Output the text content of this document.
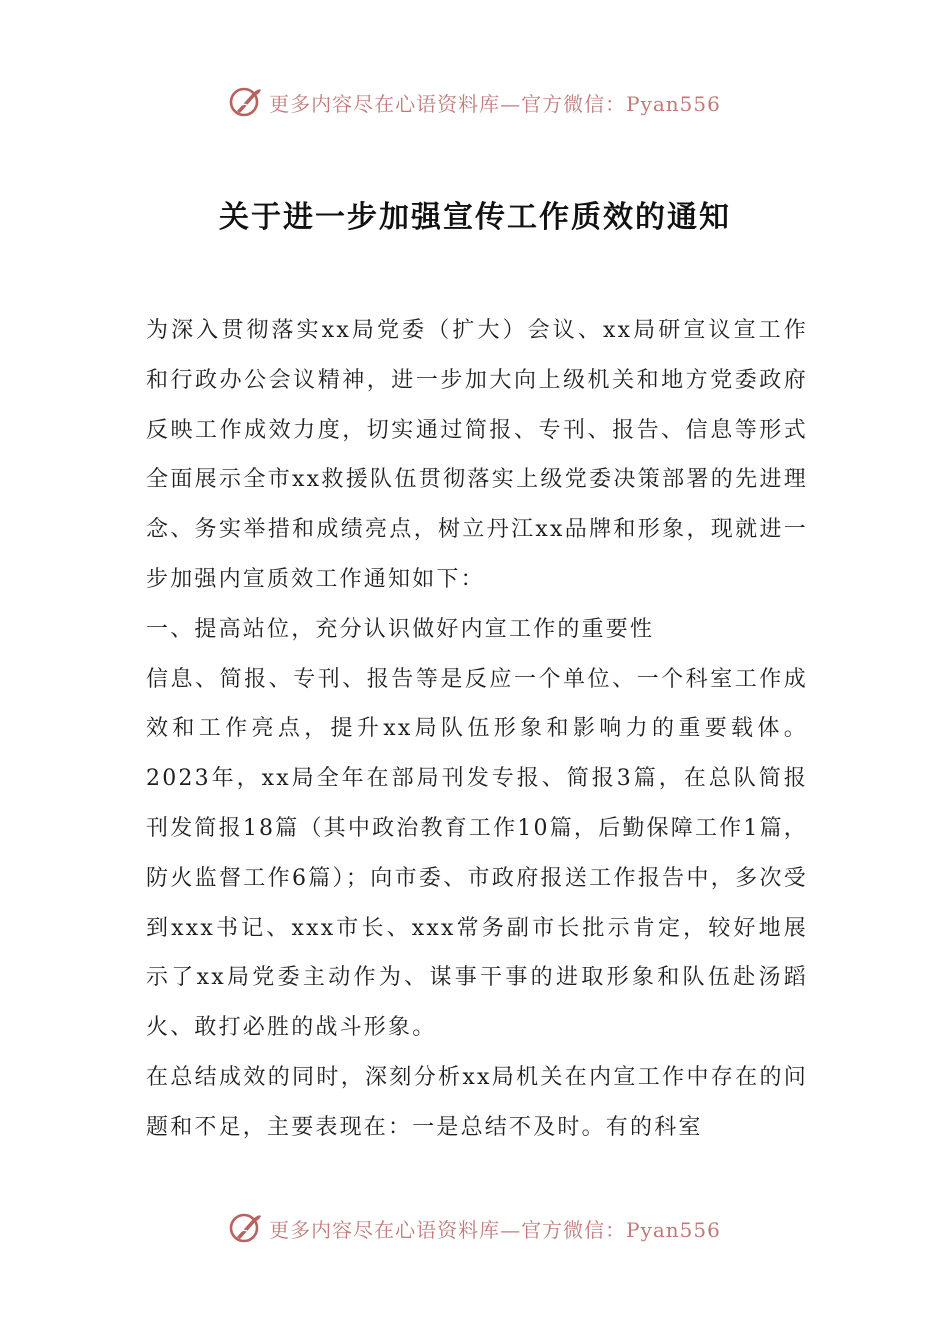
更多内容尽在心语资料库—官方微信：Pyan556
关于进一步加强宣传工作质效的通知

为深入贯彻落实xx局党委（扩大）会议、xx局研宣议宣工作和行政办公会议精神，进一步加大向上级机关和地方党委政府反映工作成效力度，切实通过简报、专刊、报告、信息等形式全面展示全市xx救援队伍贯彻落实上级党委决策部署的先进理念、务实举措和成绩亮点，树立丹江xx品牌和形象，现就进一步加强内宣质效工作通知如下：

一、提高站位，充分认识做好内宣工作的重要性

信息、简报、专刊、报告等是反应一个单位、一个科室工作成效和工作亮点，提升xx局队伍形象和影响力的重要载体。2023年，xx局全年在部局刊发专报、简报3篇，在总队简报刊发简报18篇（其中政治教育工作10篇，后勤保障工作1篇，防火监督工作6篇）；向市委、市政府报送工作报告中，多次受到xxx书记、xxx市长、xxx常务副市长批示肯定，较好地展示了xx局党委主动作为、谋事干事的进取形象和队伍赴汤蹈火、敢打必胜的战斗形象。

在总结成效的同时，深刻分析xx局机关在内宣工作中存在的问题和不足，主要表现在：一是总结不及时。有的科室

更多内容尽在心语资料库—官方微信：Pyan556
